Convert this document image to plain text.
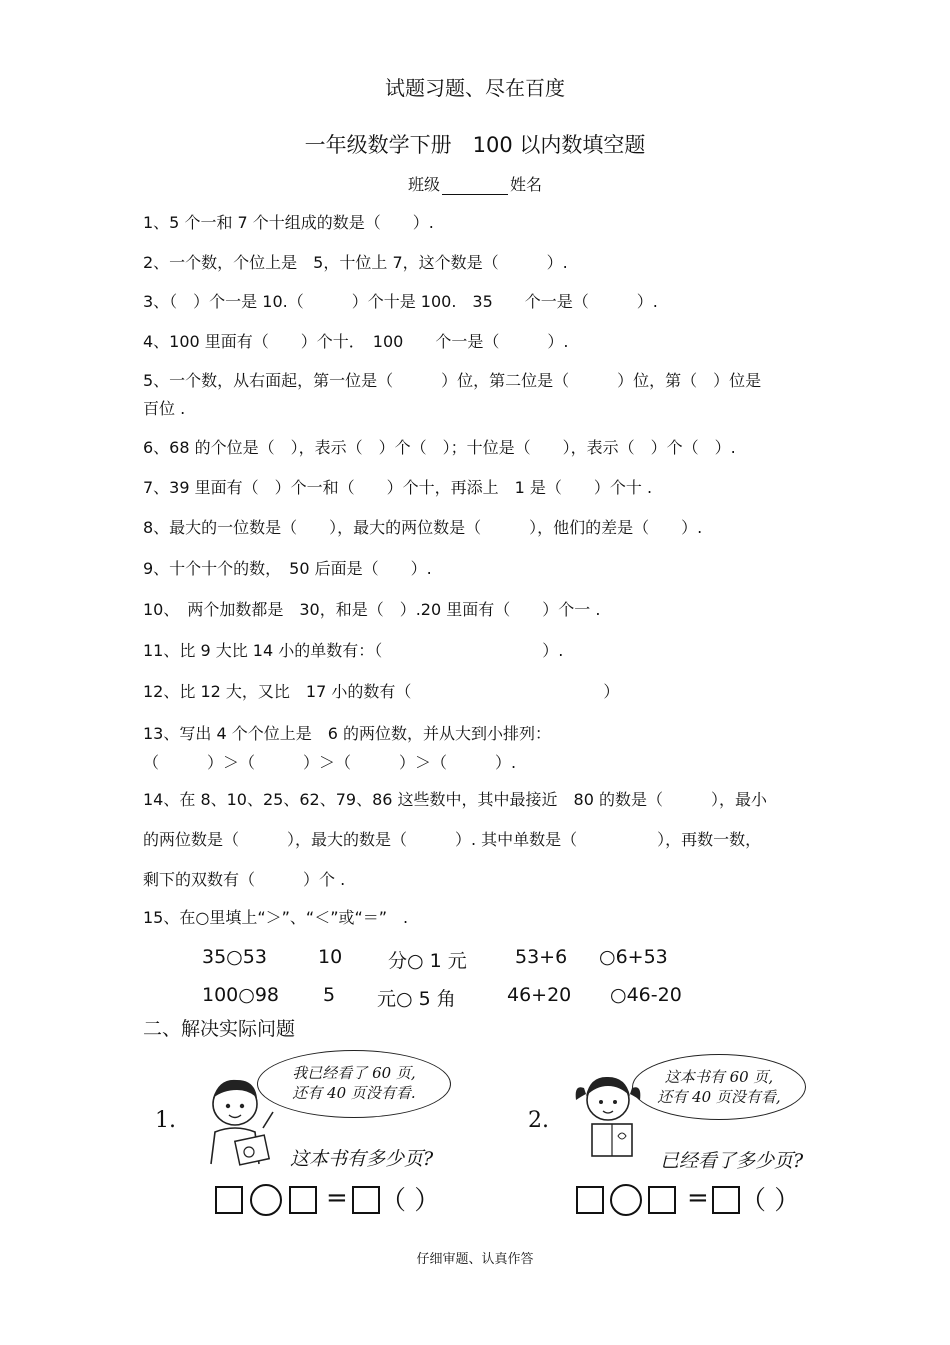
试题习题、尽在百度
一年级数学下册　100 以内数填空题
班级	姓名
1、5 个一和 7 个十组成的数是（　　）.
2、一个数，个位上是　5，十位上 7，这个数是（　　　）.
3、（　）个一是 10.（　　　）个十是 100.　35　　个一是（　　　）.
4、100 里面有（　　）个十．　100　　个一是（　　　）.
5、一个数，从右面起，第一位是（　　　）位，第二位是（　　　）位，第（　）位是
百位 .
6、68 的个位是（　），表示（　）个（　）；十位是（　　），表示（　）个（　）.
7、39 里面有（　）个一和（　　）个十，再添上　1 是（　　）个十 .
8、最大的一位数是（　　），最大的两位数是（　　　），他们的差是（　　）.
9、十个十个的数，　50 后面是（　　）.
10、　两个加数都是　30，和是（　）.20 里面有（　　）个一 .
11、比 9 大比 14 小的单数有：（　　　　　　　　　　）.
12、比 12 大，又比　17 小的数有（　　　　　　　　　　　　）
13、写出 4 个个位上是　6 的两位数，并从大到小排列：
（　　　）＞（　　　）＞（　　　）＞（　　　）.
14、在 8、10、25、62、79、86 这些数中，其中最接近　80 的数是（　　　），最小
的两位数是（　　　），最大的数是（　　　）. 其中单数是（　　　　　），再数一数，
剩下的双数有（　　　）个 .
15、在○里填上“＞”、“＜”或“＝”　.
35○53	10 分○ 1 元	53+6 ○6+53
100○98 5 元○ 5 角	46+20 ○46-20
二、解决实际问题
1.
我已经看了 60 页,
还有 40 页没有看.
这本书有多少页?
2.
这本书有 60 页,
还有 40 页没有看,
已经看了多少页?
= （ ）	= （ ）
仔细审题、认真作答
